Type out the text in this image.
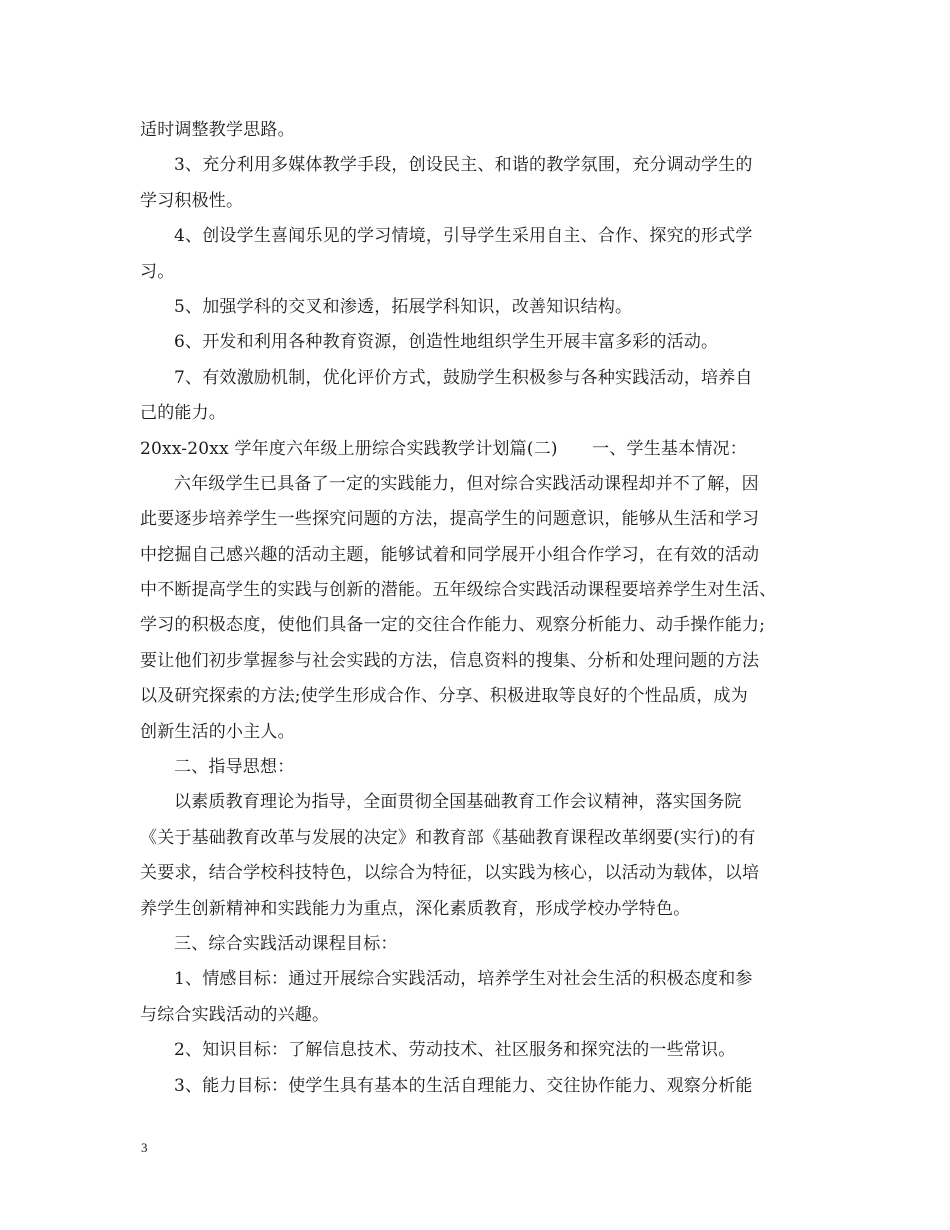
适时调整教学思路。
3、充分利用多媒体教学手段，创设民主、和谐的教学氛围，充分调动学生的
学习积极性。
4、创设学生喜闻乐见的学习情境，引导学生采用自主、合作、探究的形式学
习。
5、加强学科的交叉和渗透，拓展学科知识，改善知识结构。
6、开发和利用各种教育资源，创造性地组织学生开展丰富多彩的活动。
7、有效激励机制，优化评价方式，鼓励学生积极参与各种实践活动，培养自
己的能力。
20xx-20xx 学年度六年级上册综合实践教学计划篇(二)　　一、学生基本情况：
六年级学生已具备了一定的实践能力，但对综合实践活动课程却并不了解，因
此要逐步培养学生一些探究问题的方法，提高学生的问题意识，能够从生活和学习
中挖掘自己感兴趣的活动主题，能够试着和同学展开小组合作学习，在有效的活动
中不断提高学生的实践与创新的潜能。五年级综合实践活动课程要培养学生对生活、
学习的积极态度，使他们具备一定的交往合作能力、观察分析能力、动手操作能力;
要让他们初步掌握参与社会实践的方法，信息资料的搜集、分析和处理问题的方法
以及研究探索的方法;使学生形成合作、分享、积极进取等良好的个性品质，成为
创新生活的小主人。
二、指导思想：
以素质教育理论为指导，全面贯彻全国基础教育工作会议精神，落实国务院
《关于基础教育改革与发展的决定》和教育部《基础教育课程改革纲要(实行)的有
关要求，结合学校科技特色，以综合为特征，以实践为核心，以活动为载体，以培
养学生创新精神和实践能力为重点，深化素质教育，形成学校办学特色。
三、综合实践活动课程目标：
1、情感目标：通过开展综合实践活动，培养学生对社会生活的积极态度和参
与综合实践活动的兴趣。
2、知识目标：了解信息技术、劳动技术、社区服务和探究法的一些常识。
3、能力目标：使学生具有基本的生活自理能力、交往协作能力、观察分析能
3
